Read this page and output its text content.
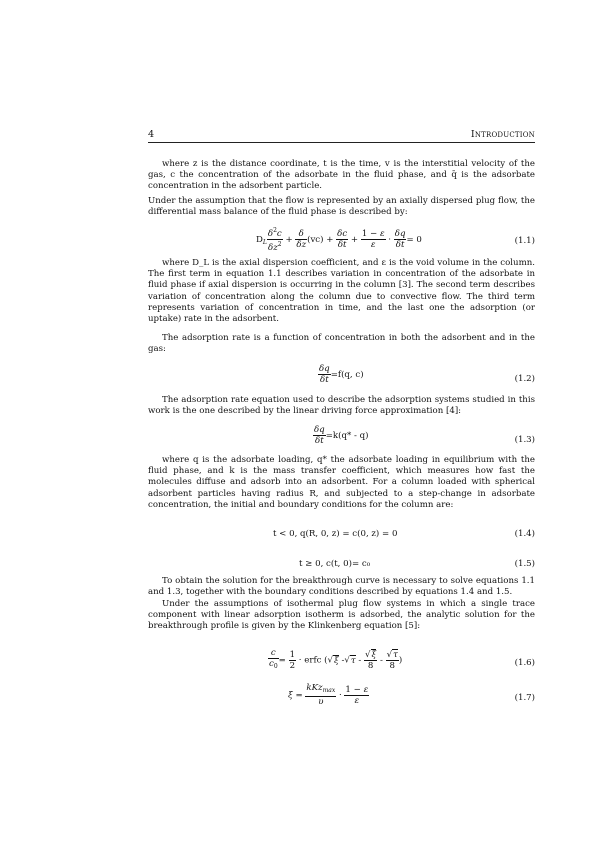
4	Introduction

where z is the distance coordinate, t is the time, v is the interstitial velocity of the gas, c the concentration of the adsorbate in the fluid phase, and q̄ is the adsorbate concentration in the adsorbent particle.

Under the assumption that the flow is represented by an axially dispersed plug flow, the differential mass balance of the fluid phase is described by:

$D_L \frac{\delta^2c}{\delta z^2} + \frac{\delta}{\delta z} (vc) + \frac{\delta c}{\delta t} + \frac{1 - \varepsilon}{\varepsilon} \cdot \frac{\delta q}{\delta t} = 0$	(1.1)

where D_L is the axial dispersion coefficient, and ε is the void volume in the column. The first term in equation 1.1 describes variation in concentration of the adsorbate in fluid phase if axial dispersion is occurring in the column [3]. The second term describes variation of concentration along the column due to convective flow. The third term represents variation of concentration in time, and the last one the adsorption (or uptake) rate in the adsorbent.

The adsorption rate is a function of concentration in both the adsorbent and in the gas:

$\frac{\delta q}{\delta t} =f(q$, c)	(1.2)

The adsorption rate equation used to describe the adsorption systems studied in this work is the one described by the linear driving force approximation [4]:

$\frac{\delta q}{\delta t} =k(q* - q)$	(1.3)

where q is the adsorbate loading, q* the adsorbate loading in equilibrium with the fluid phase, and k is the mass transfer coefficient, which measures how fast the molecules diffuse and adsorb into an adsorbent. For a column loaded with spherical adsorbent particles having radius R, and subjected to a step-change in adsorbate concentration, the initial and boundary conditions for the column are:

t < 0, q(R, 0, z) = c(0, z) = 0	(1.4)
t ≥ 0, c(t, 0)= c₀	(1.5)

To obtain the solution for the breakthrough curve is necessary to solve equations 1.1 and 1.3, together with the boundary conditions described by equations 1.4 and 1.5.

Under the assumptions of isothermal plug flow systems in which a single trace component with linear adsorption isotherm is adsorbed, the analytic solution for the breakthrough profile is given by the Klinkenberg equation [5]:

$\frac{c}{c_0} = \frac{1}{2}$ · erfc (√ξ $-√\tau - \frac{√\xi}{8} - \frac{√\tau}{8}$ )	(1.6)
$\xi = \frac{kKz_{max}}{\upsilon} \cdot \frac{1 - \varepsilon}{\varepsilon}$	(1.7)
